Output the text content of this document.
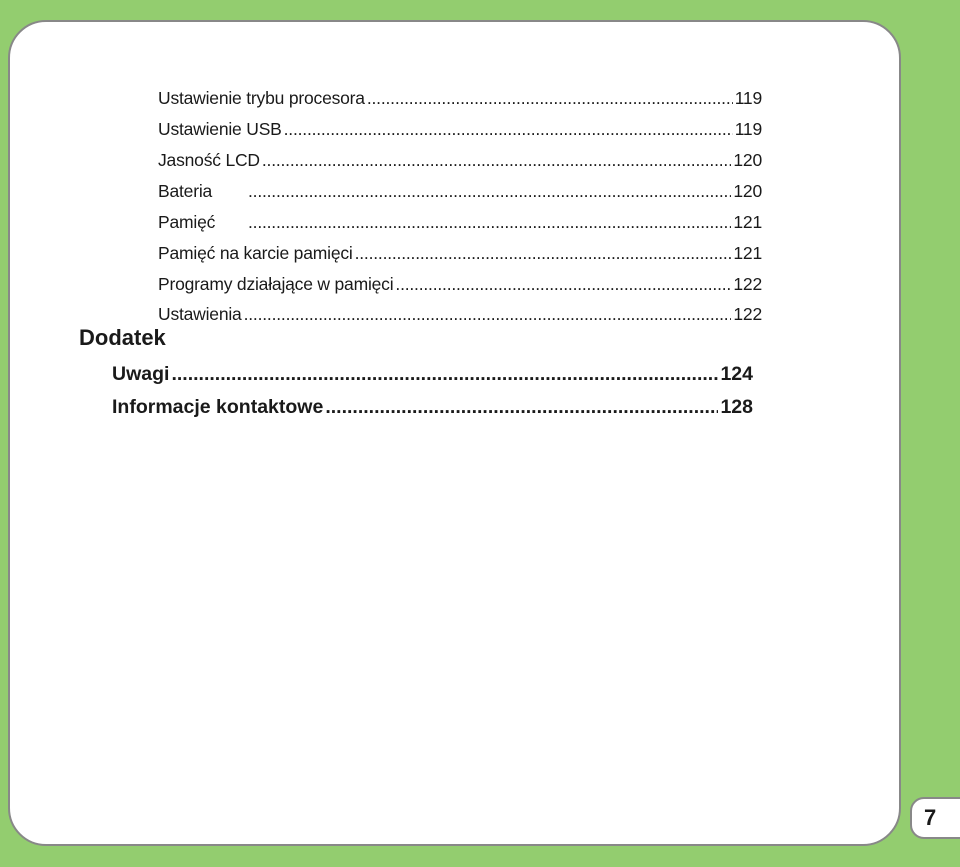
Ustawienie trybu procesora .....	119
Ustawienie USB .....	119
Jasność LCD .....	120
Bateria .....	120
Pamięć .....	121
Pamięć na karcie pamięci .....	121
Programy działające w pamięci .....	122
Ustawienia .....	122
Dodatek
Uwagi .....	124
Informacje kontaktowe .....	128
7
